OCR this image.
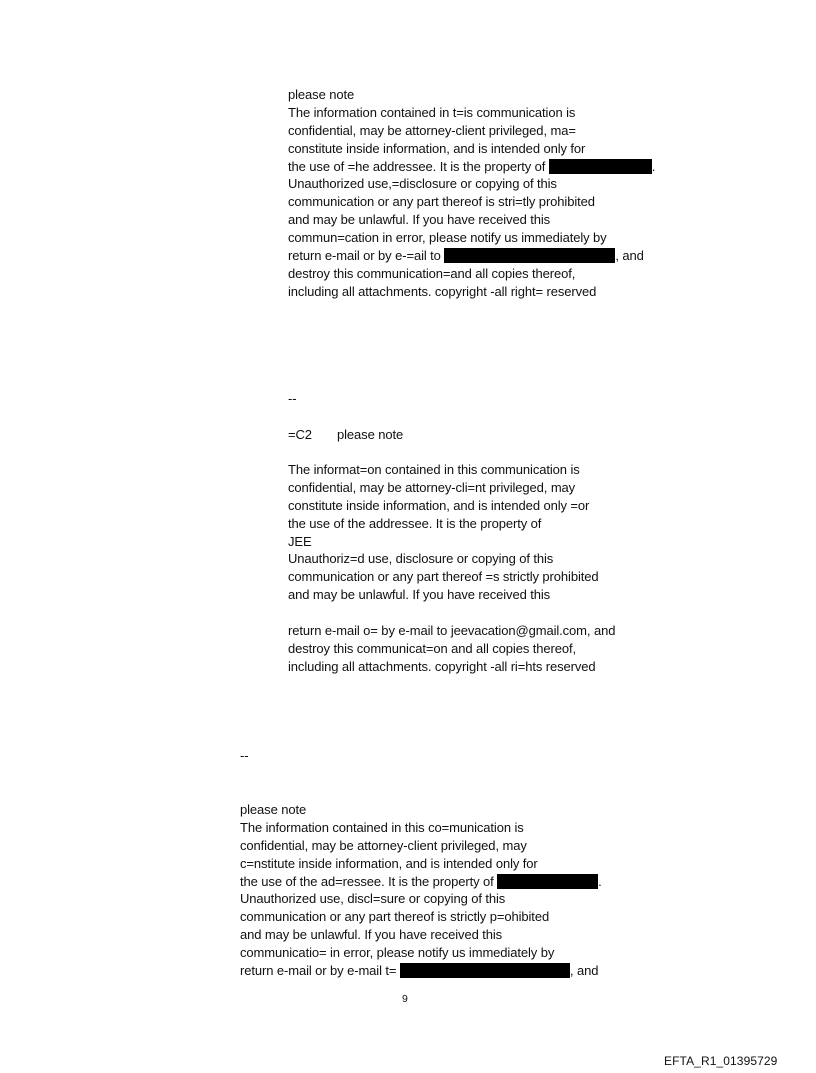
please note
The information contained in t=is communication is
confidential, may be attorney-client privileged, ma=
constitute inside information, and is intended only for
the use of =he addressee. It is the property of	.
Unauthorized use,=disclosure or copying of this
communication or any part thereof is stri=tly prohibited
and may be unlawful. If you have received this
commun=cation in error, please notify us immediately by
return e-mail or by e-=ail to	, and
destroy this communication=and all copies thereof,
including all attachments. copyright -all right= reserved
--
=C2 please note
The informat=on contained in this communication is
confidential, may be attorney-cli=nt privileged, may
constitute inside information, and is intended only =or
the use of the addressee. It is the property of
JEE
Unauthoriz=d use, disclosure or copying of this
communication or any part thereof =s strictly prohibited
and may be unlawful. If you have received this
return e-mail o= by e-mail to jeevacation@gmail.com, and
destroy this communicat=on and all copies thereof,
including all attachments. copyright -all ri=hts reserved
--
please note
The information contained in this co=munication is
confidential, may be attorney-client privileged, may
c=nstitute inside information, and is intended only for
the use of the ad=ressee. It is the property of	.
Unauthorized use, discl=sure or copying of this
communication or any part thereof is strictly p=ohibited
and may be unlawful. If you have received this
communicatio= in error, please notify us immediately by
return e-mail or by e-mail t=	, and
9
EFTA_R1_01395729
